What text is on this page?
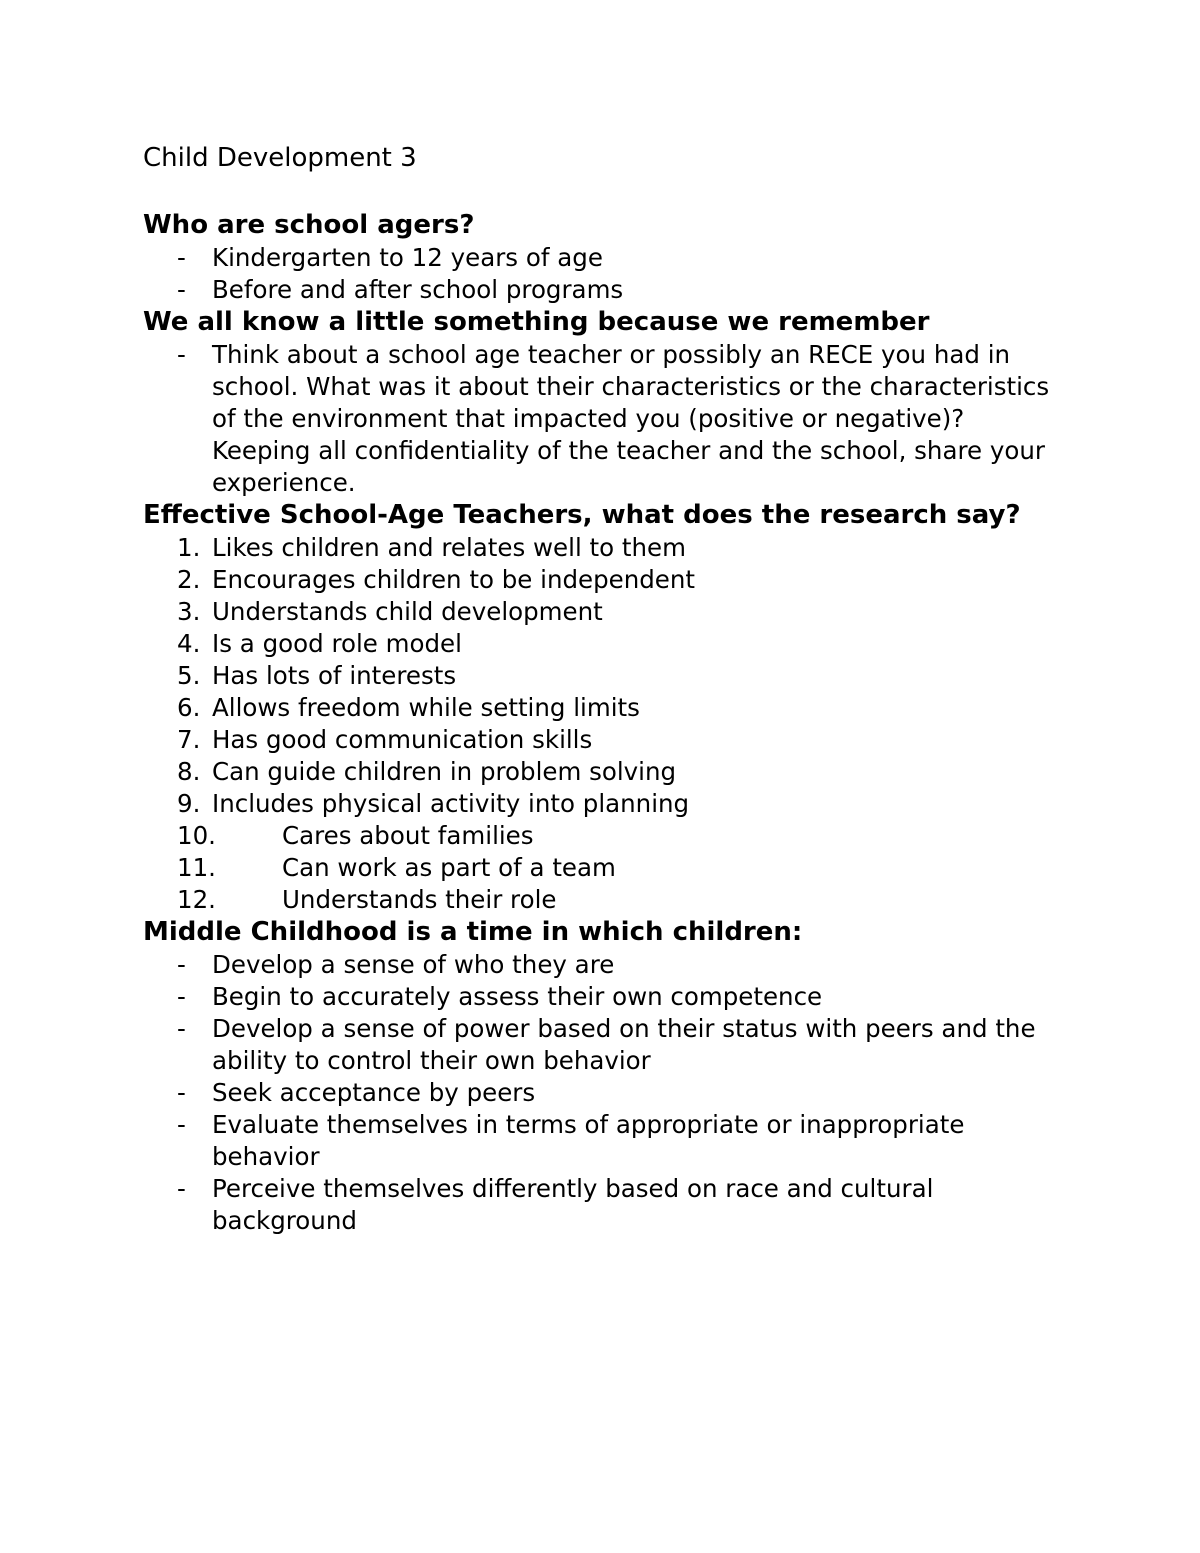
Child Development 3

Who are school agers?

- Kindergarten to 12 years of age
- Before and after school programs

We all know a little something because we remember

- Think about a school age teacher or possibly an RECE you had in school. What was it about their characteristics or the characteristics of the environment that impacted you (positive or negative)? Keeping all confidentiality of the teacher and the school, share your experience.

Effective School-Age Teachers, what does the research say?

1. Likes children and relates well to them
2. Encourages children to be independent
3. Understands child development
4. Is a good role model
5. Has lots of interests
6. Allows freedom while setting limits
7. Has good communication skills
8. Can guide children in problem solving
9. Includes physical activity into planning
10.	Cares about families
11.	Can work as part of a team
12.	Understands their role

Middle Childhood is a time in which children:

- Develop a sense of who they are
- Begin to accurately assess their own competence
- Develop a sense of power based on their status with peers and the ability to control their own behavior
- Seek acceptance by peers
- Evaluate themselves in terms of appropriate or inappropriate behavior
- Perceive themselves differently based on race and cultural background
